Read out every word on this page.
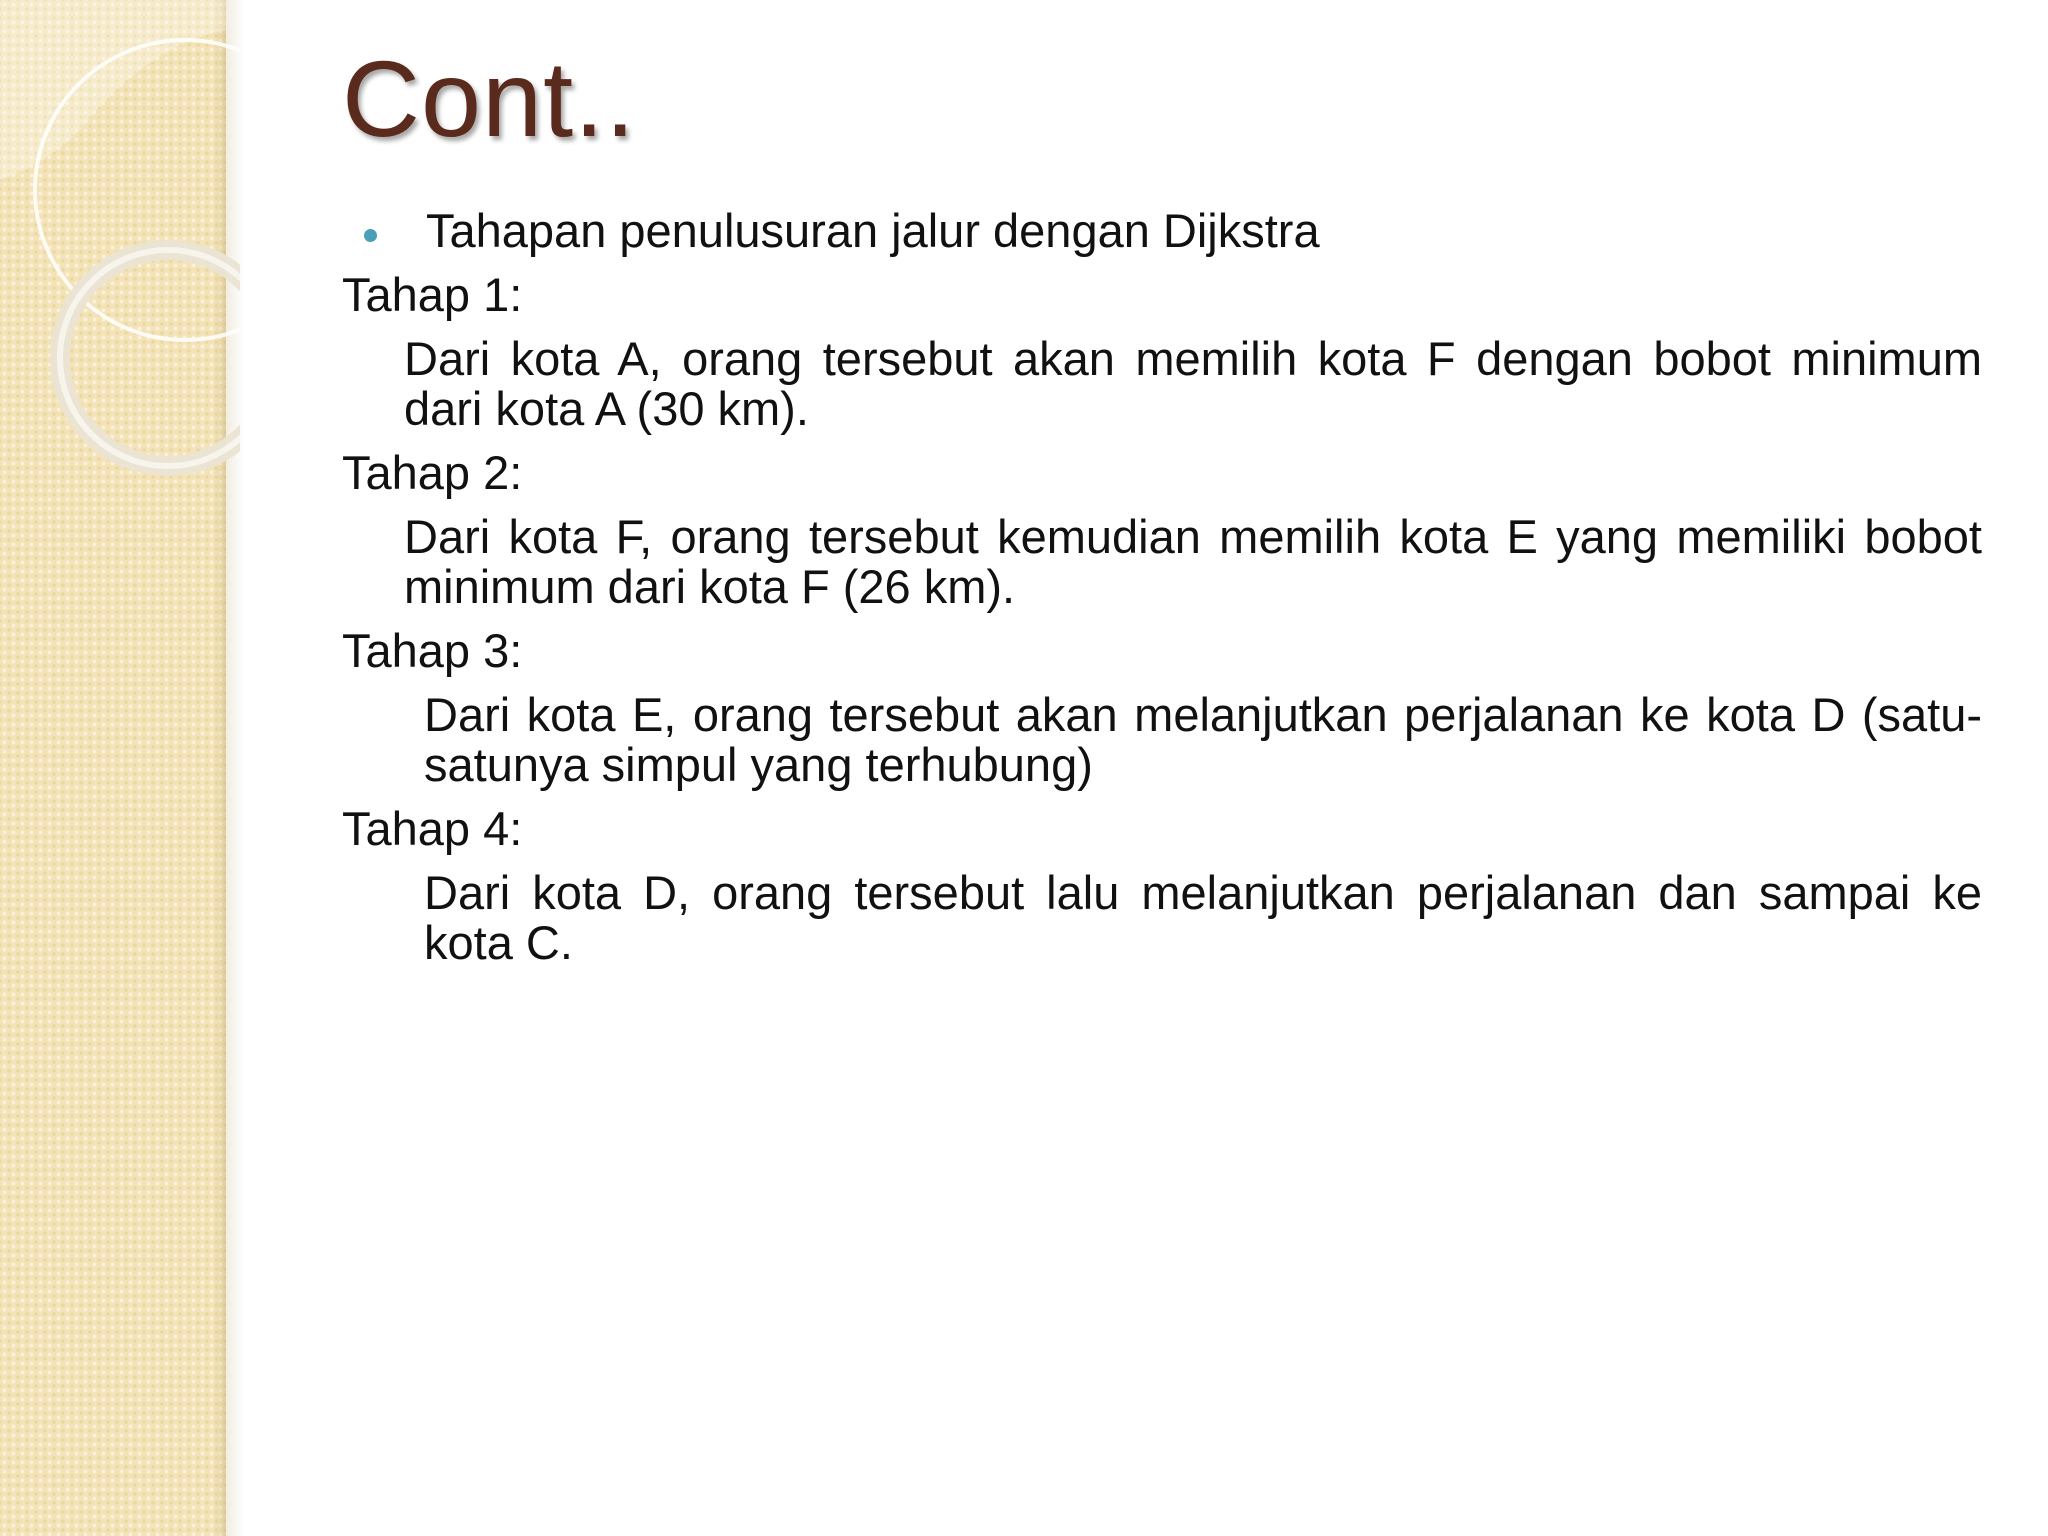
Cont..
Tahapan penulusuran jalur dengan Dijkstra
Tahap 1:
Dari kota A, orang tersebut akan memilih kota F dengan bobot minimum dari kota A (30 km).
Tahap 2:
Dari kota F, orang tersebut kemudian memilih kota E yang memiliki bobot minimum dari kota F (26 km).
Tahap 3:
Dari kota E, orang tersebut akan melanjutkan perjalanan ke kota D (satu-satunya simpul yang terhubung)
Tahap 4:
Dari kota D, orang tersebut lalu melanjutkan perjalanan dan sampai ke kota C.
